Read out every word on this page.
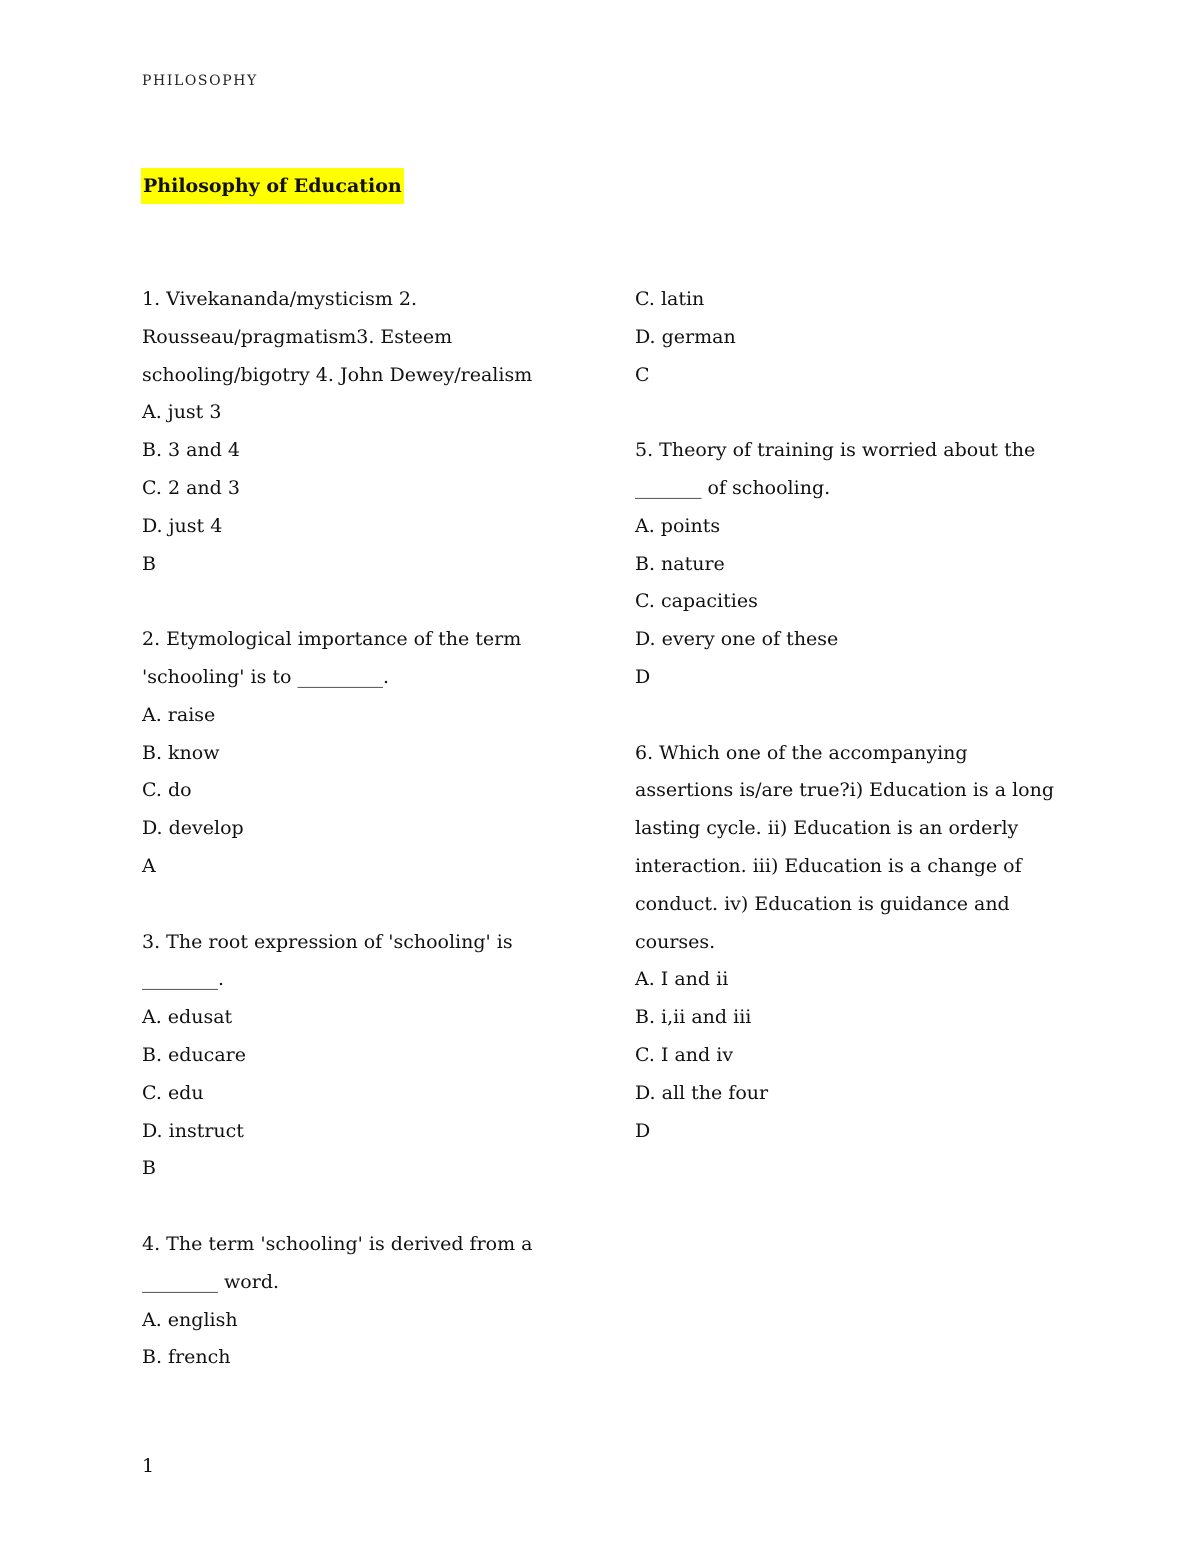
PHILOSOPHY
Philosophy of Education
1. Vivekananda/mysticism 2.
Rousseau/pragmatism3. Esteem
schooling/bigotry 4. John Dewey/realism
A. just 3
B. 3 and 4
C. 2 and 3
D. just 4
B
2. Etymological importance of the term
'schooling' is to _________.
A. raise
B. know
C. do
D. develop
A
3. The root expression of 'schooling' is
________.
A. edusat
B. educare
C. edu
D. instruct
B
4. The term 'schooling' is derived from a
________ word.
A. english
B. french
C. latin
D. german
C
5. Theory of training is worried about the
_______ of schooling.
A. points
B. nature
C. capacities
D. every one of these
D
6. Which one of the accompanying
assertions is/are true?i) Education is a long
lasting cycle. ii) Education is an orderly
interaction. iii) Education is a change of
conduct. iv) Education is guidance and
courses.
A. I and ii
B. i,ii and iii
C. I and iv
D. all the four
D
1
